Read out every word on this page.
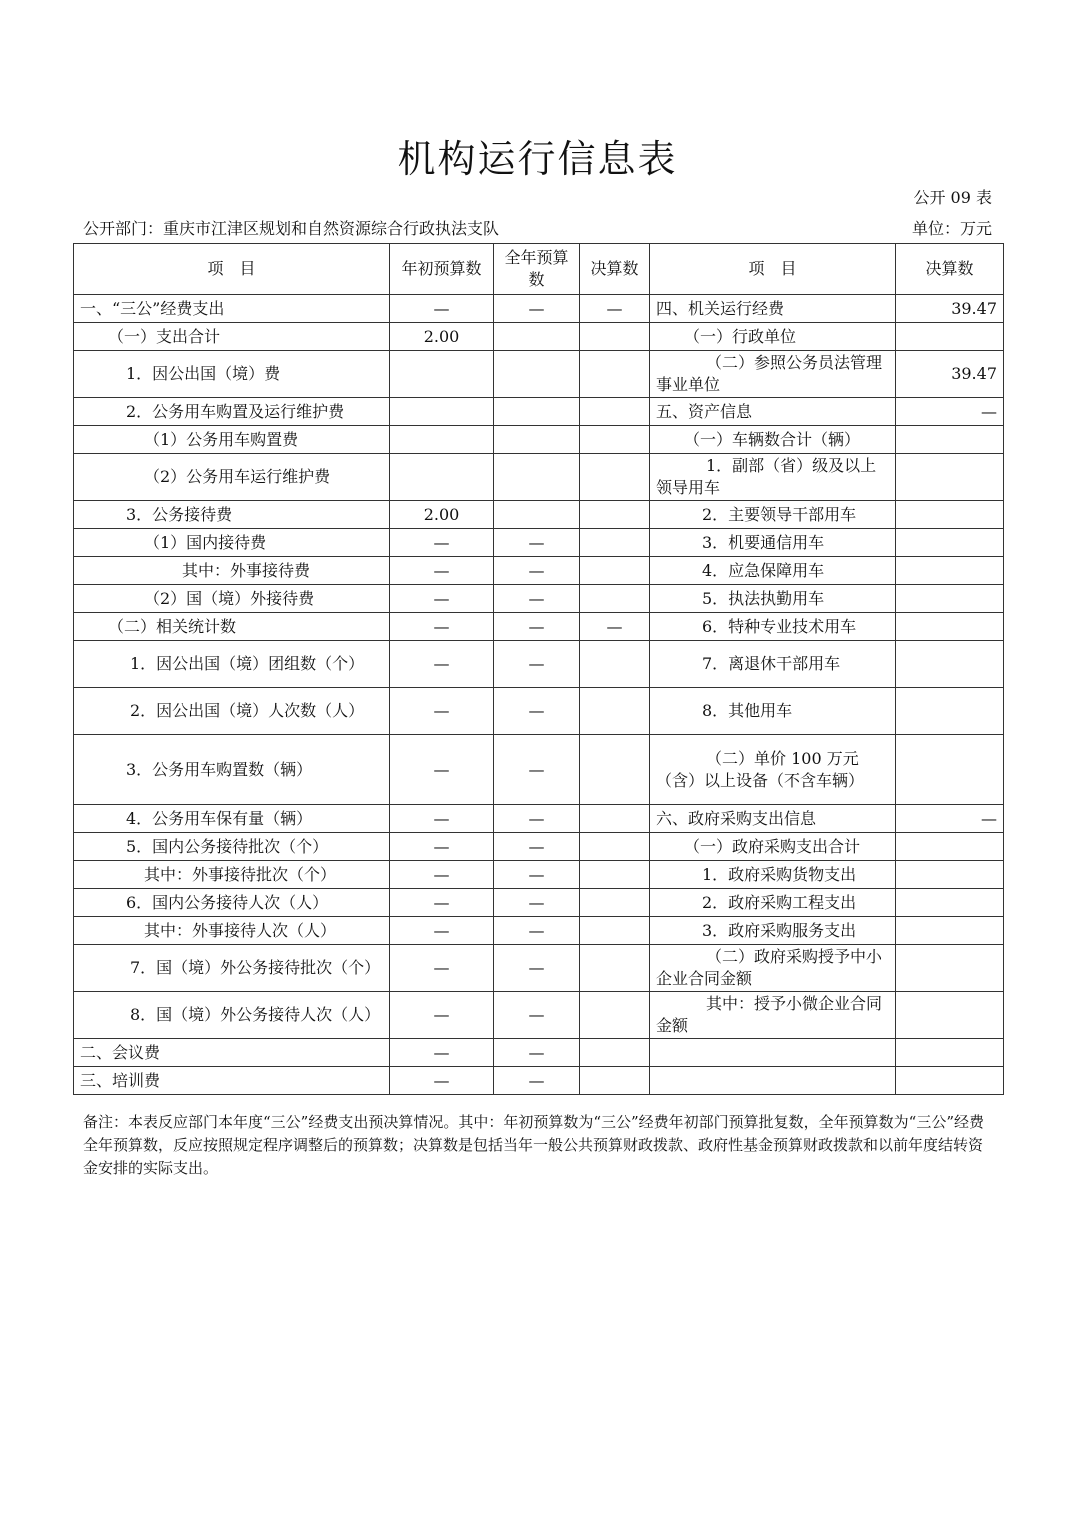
机构运行信息表
公开 09 表
公开部门：重庆市江津区规划和自然资源综合行政执法支队	单位：万元
项　目	年初预算数	全年预算数	决算数	项　目	决算数
一、“三公”经费支出	—	—	—	四、机关运行经费	39.47
（一）支出合计	2.00			（一）行政单位	
1．因公出国（境）费				（二）参照公务员法管理事业单位	39.47
2．公务用车购置及运行维护费				五、资产信息	—
（1）公务用车购置费				（一）车辆数合计（辆）	
（2）公务用车运行维护费				1．副部（省）级及以上领导用车	
3．公务接待费	2.00			2．主要领导干部用车	
（1）国内接待费	—	—		3．机要通信用车	
其中：外事接待费	—	—		4．应急保障用车	
（2）国（境）外接待费	—	—		5．执法执勤用车	
（二）相关统计数	—	—	—	6．特种专业技术用车	
1．因公出国（境）团组数（个）	—	—		7．离退休干部用车	
2．因公出国（境）人次数（人）	—	—		8．其他用车	
3．公务用车购置数（辆）	—	—		（二）单价 100 万元（含）以上设备（不含车辆）	
4．公务用车保有量（辆）	—	—		六、政府采购支出信息	—
5．国内公务接待批次（个）	—	—		（一）政府采购支出合计	
其中：外事接待批次（个）	—	—		1．政府采购货物支出	
6．国内公务接待人次（人）	—	—		2．政府采购工程支出	
其中：外事接待人次（人）	—	—		3．政府采购服务支出	
7．国（境）外公务接待批次（个）	—	—		（二）政府采购授予中小企业合同金额	
8．国（境）外公务接待人次（人）	—	—		其中：授予小微企业合同金额	
二、会议费	—	—			
三、培训费	—	—			
备注：本表反应部门本年度“三公”经费支出预决算情况。其中：年初预算数为“三公”经费年初部门预算批复数，全年预算数为“三公”经费全年预算数，反应按照规定程序调整后的预算数；决算数是包括当年一般公共预算财政拨款、政府性基金预算财政拨款和以前年度结转资金安排的实际支出。
